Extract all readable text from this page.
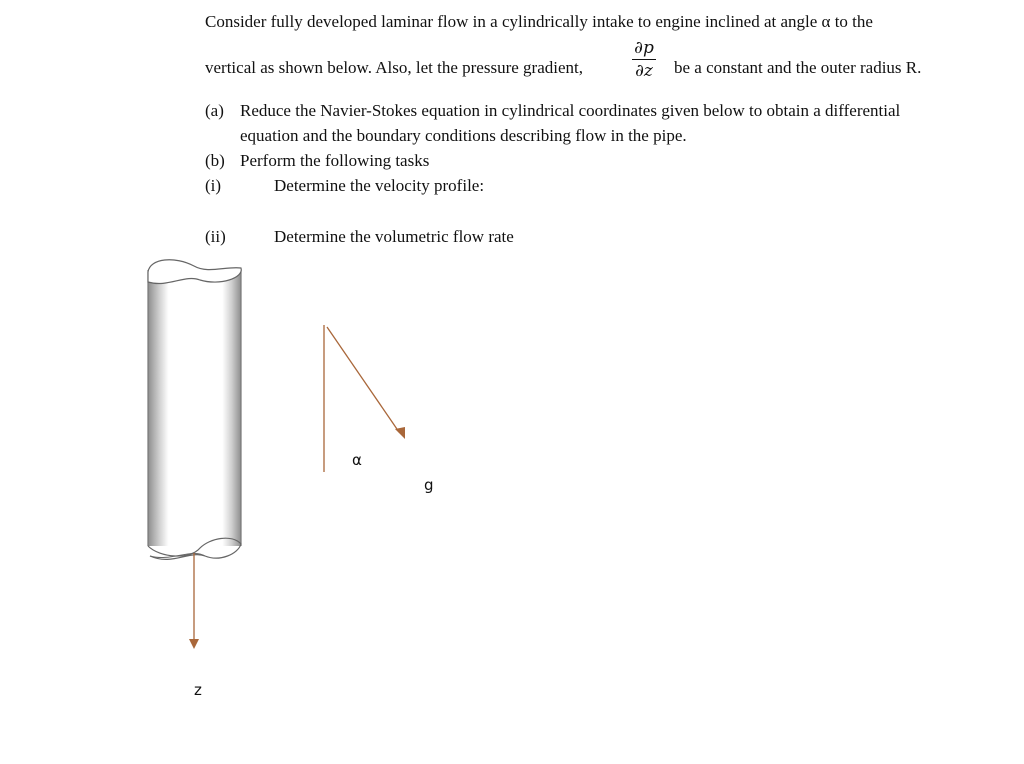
Consider fully developed laminar flow in a cylindrically intake to engine inclined at angle α to the
vertical as shown below. Also, let the pressure gradient,
∂p
∂z	be a constant and the outer radius R.
(a) Reduce the Navier-Stokes equation in cylindrical coordinates given below to obtain a differential
equation and the boundary conditions describing flow in the pipe.
(b) Perform the following tasks
(i)	Determine the velocity profile:
(ii)	Determine the volumetric flow rate
α
g
z
